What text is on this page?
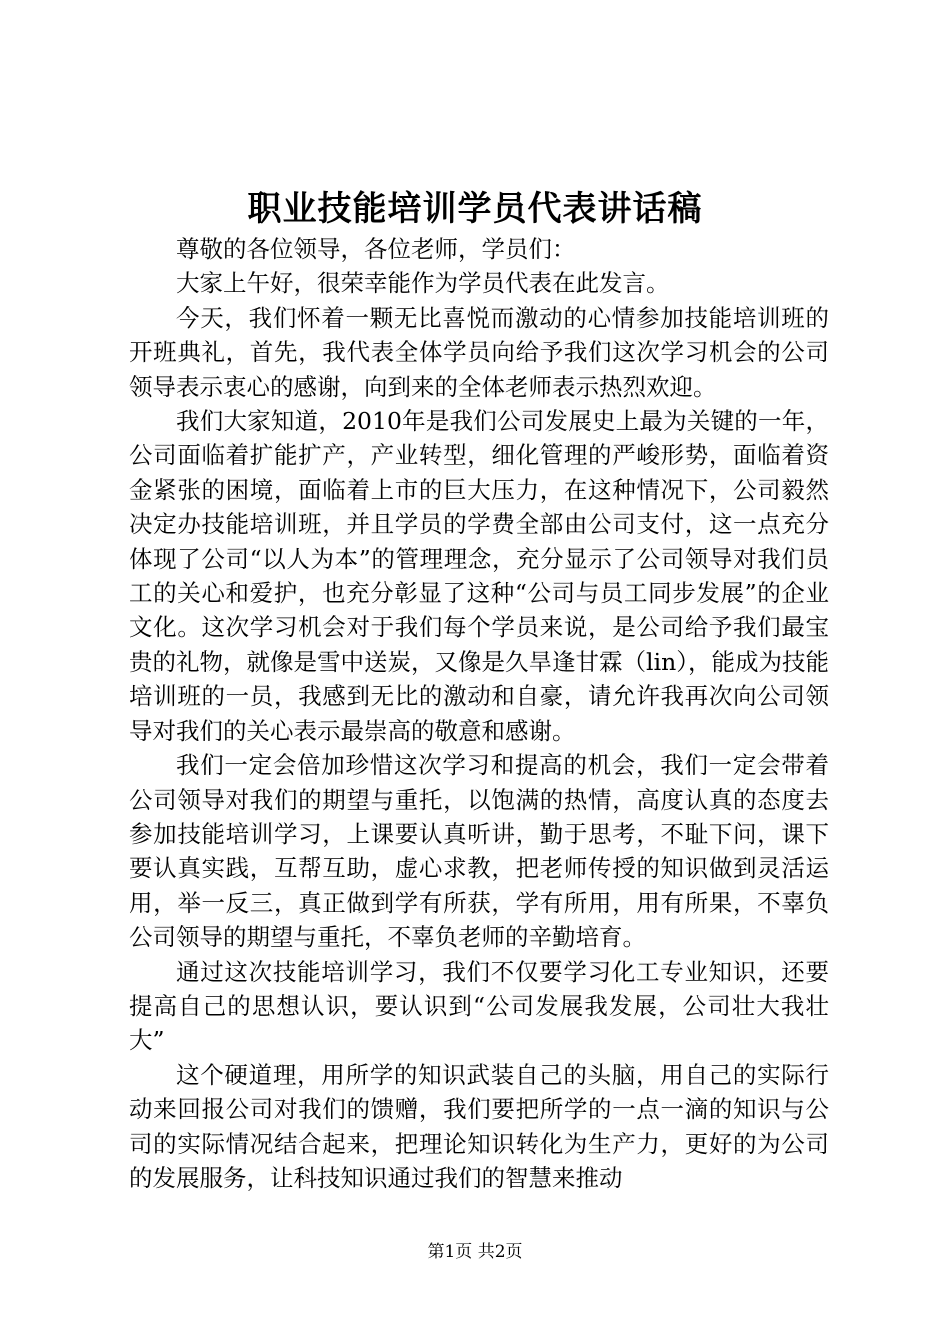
职业技能培训学员代表讲话稿

尊敬的各位领导，各位老师，学员们：

大家上午好，很荣幸能作为学员代表在此发言。

今天，我们怀着一颗无比喜悦而激动的心情参加技能培训班的开班典礼，首先，我代表全体学员向给予我们这次学习机会的公司领导表示衷心的感谢，向到来的全体老师表示热烈欢迎。

我们大家知道，2010年是我们公司发展史上最为关键的一年，公司面临着扩能扩产，产业转型，细化管理的严峻形势，面临着资金紧张的困境，面临着上市的巨大压力，在这种情况下，公司毅然决定办技能培训班，并且学员的学费全部由公司支付，这一点充分体现了公司“以人为本”的管理理念，充分显示了公司领导对我们员工的关心和爱护，也充分彰显了这种“公司与员工同步发展”的企业文化。这次学习机会对于我们每个学员来说，是公司给予我们最宝贵的礼物，就像是雪中送炭，又像是久旱逢甘霖（lin），能成为技能培训班的一员，我感到无比的激动和自豪，请允许我再次向公司领导对我们的关心表示最崇高的敬意和感谢。

我们一定会倍加珍惜这次学习和提高的机会，我们一定会带着公司领导对我们的期望与重托，以饱满的热情，高度认真的态度去参加技能培训学习，上课要认真听讲，勤于思考，不耻下问，课下要认真实践，互帮互助，虚心求教，把老师传授的知识做到灵活运用，举一反三，真正做到学有所获，学有所用，用有所果，不辜负公司领导的期望与重托，不辜负老师的辛勤培育。

通过这次技能培训学习，我们不仅要学习化工专业知识，还要提高自己的思想认识，要认识到“公司发展我发展，公司壮大我壮大”

这个硬道理，用所学的知识武装自己的头脑，用自己的实际行动来回报公司对我们的馈赠，我们要把所学的一点一滴的知识与公司的实际情况结合起来，把理论知识转化为生产力，更好的为公司的发展服务，让科技知识通过我们的智慧来推动

第1页 共2页
